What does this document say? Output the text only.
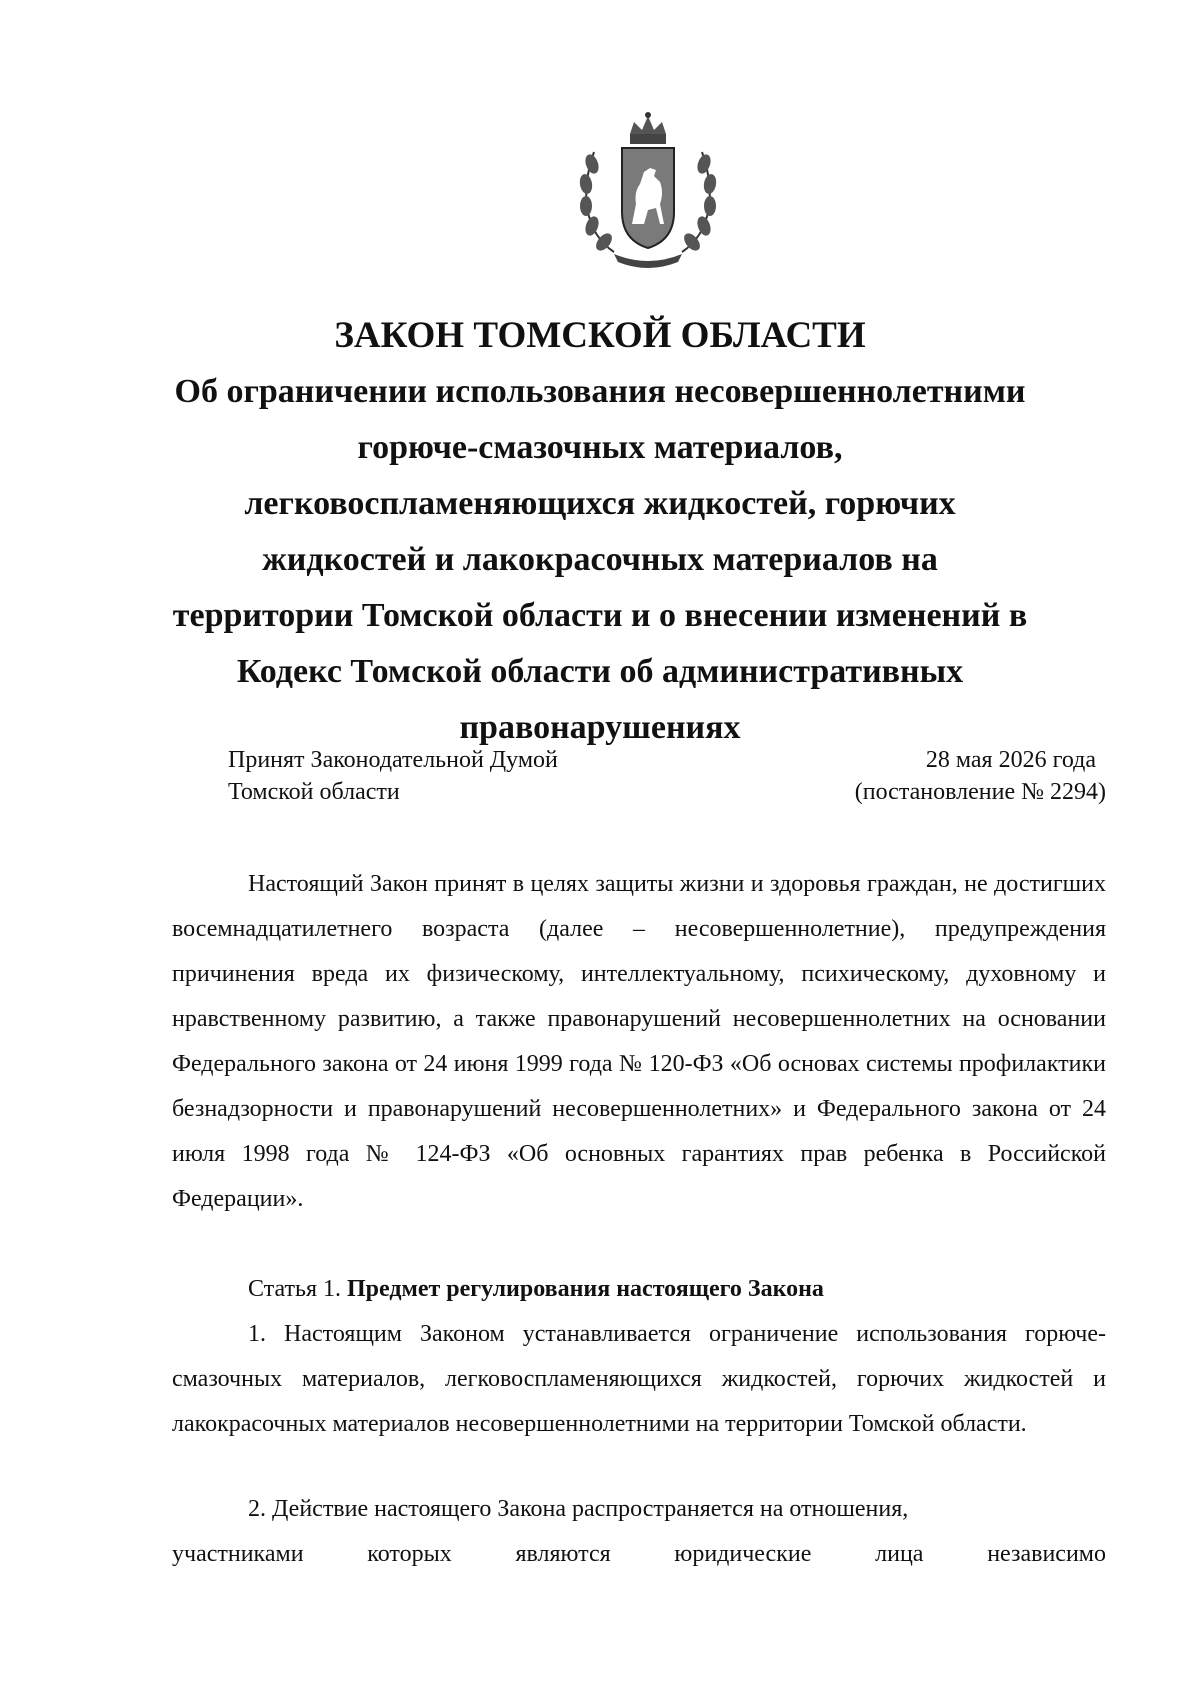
ЗАКОН ТОМСКОЙ ОБЛАСТИ
Об ограничении использования несовершеннолетними горюче-смазочных материалов, легковоспламеняющихся жидкостей, горючих жидкостей и лакокрасочных материалов на территории Томской области и о внесении изменений в Кодекс Томской области об административных правонарушениях
Принят Законодательной Думой
Томской области
28 мая 2026 года
(постановление № 2294)

Настоящий Закон принят в целях защиты жизни и здоровья граждан, не достигших восемнадцатилетнего возраста (далее – несовершеннолетние), предупреждения причинения вреда их физическому, интеллектуальному, психическому, духовному и нравственному развитию, а также правонарушений несовершеннолетних на основании Федерального закона от 24 июня 1999 года № 120-ФЗ «Об основах системы профилактики безнадзорности и правонарушений несовершеннолетних» и Федерального закона от 24 июля 1998 года № 124-ФЗ «Об основных гарантиях прав ребенка в Российской Федерации».

Статья 1. Предмет регулирования настоящего Закона

1. Настоящим Законом устанавливается ограничение использования горюче-смазочных материалов, легковоспламеняющихся жидкостей, горючих жидкостей и лакокрасочных материалов несовершеннолетними на территории Томской области.

2. Действие настоящего Закона распространяется на отношения,

участниками которых являются юридические лица независимо
